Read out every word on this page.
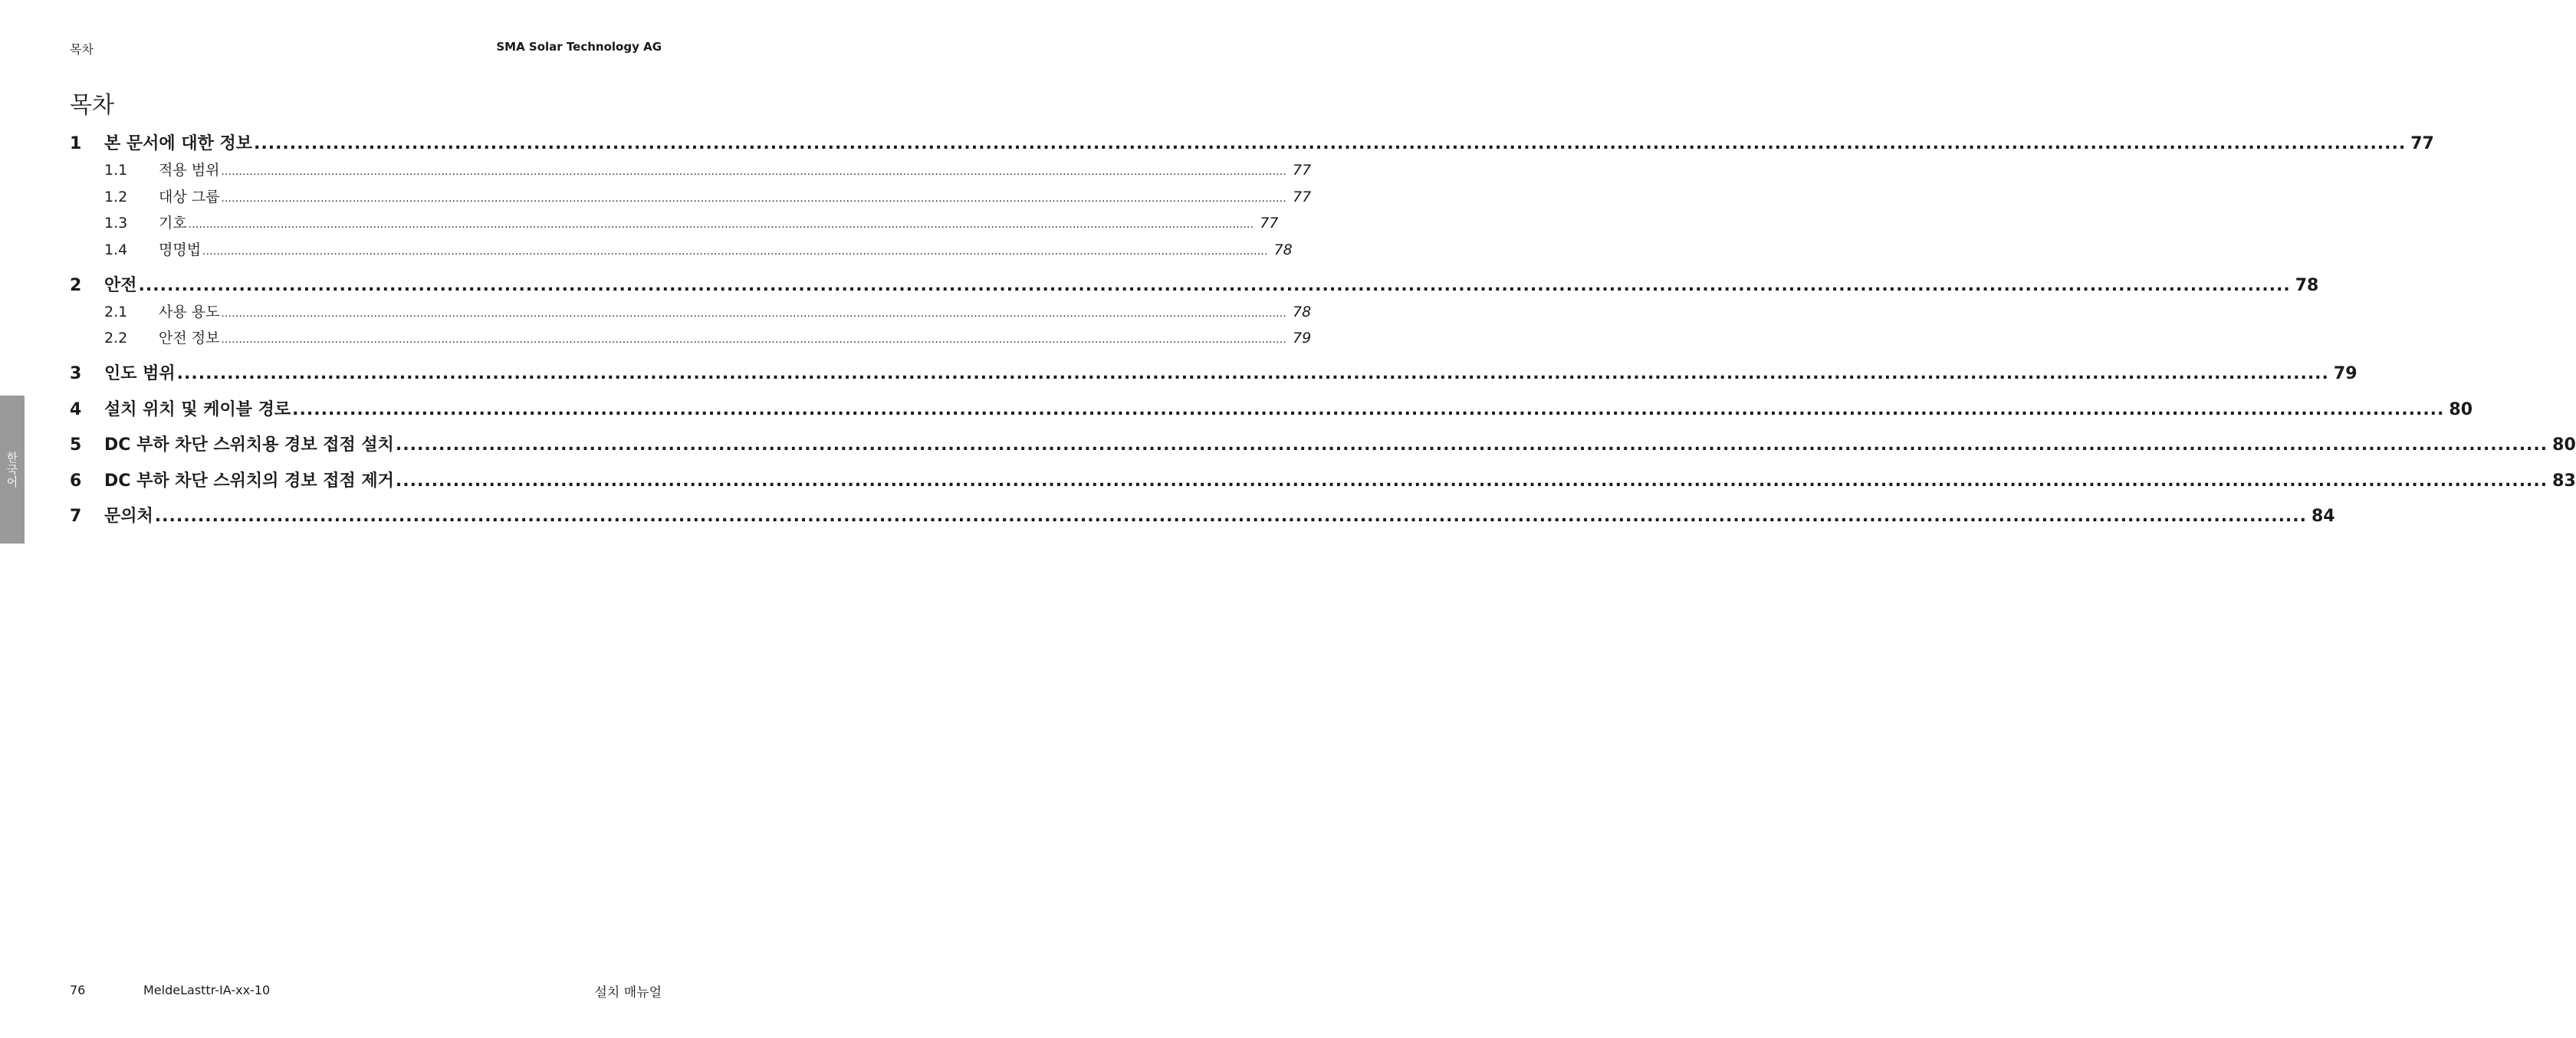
목차	SMA Solar Technology AG
목차
1	본 문서에 대한 정보 ............................................................................................................................................................................................................................................................................................................ 77
1.1	적용 범위 ............................................................................................................................................................................................................................................................................................................ 77
1.2	대상 그룹 ............................................................................................................................................................................................................................................................................................................ 77
1.3	기호 ............................................................................................................................................................................................................................................................................................................ 77
1.4	명명법 ............................................................................................................................................................................................................................................................................................................ 78
2	안전 ............................................................................................................................................................................................................................................................................................................ 78
2.1	사용 용도 ............................................................................................................................................................................................................................................................................................................ 78
2.2	안전 정보 ............................................................................................................................................................................................................................................................................................................ 79
3	인도 범위 ............................................................................................................................................................................................................................................................................................................ 79
4	설치 위치 및 케이블 경로 ............................................................................................................................................................................................................................................................................................................ 80
5	DC 부하 차단 스위치용 경보 접점 설치 ............................................................................................................................................................................................................................................................................................................ 80
6	DC 부하 차단 스위치의 경보 접점 제거 ............................................................................................................................................................................................................................................................................................................ 83
7	문의처 ............................................................................................................................................................................................................................................................................................................ 84
한국어
76	MeldeLasttr-IA-xx-10	설치 매뉴얼
